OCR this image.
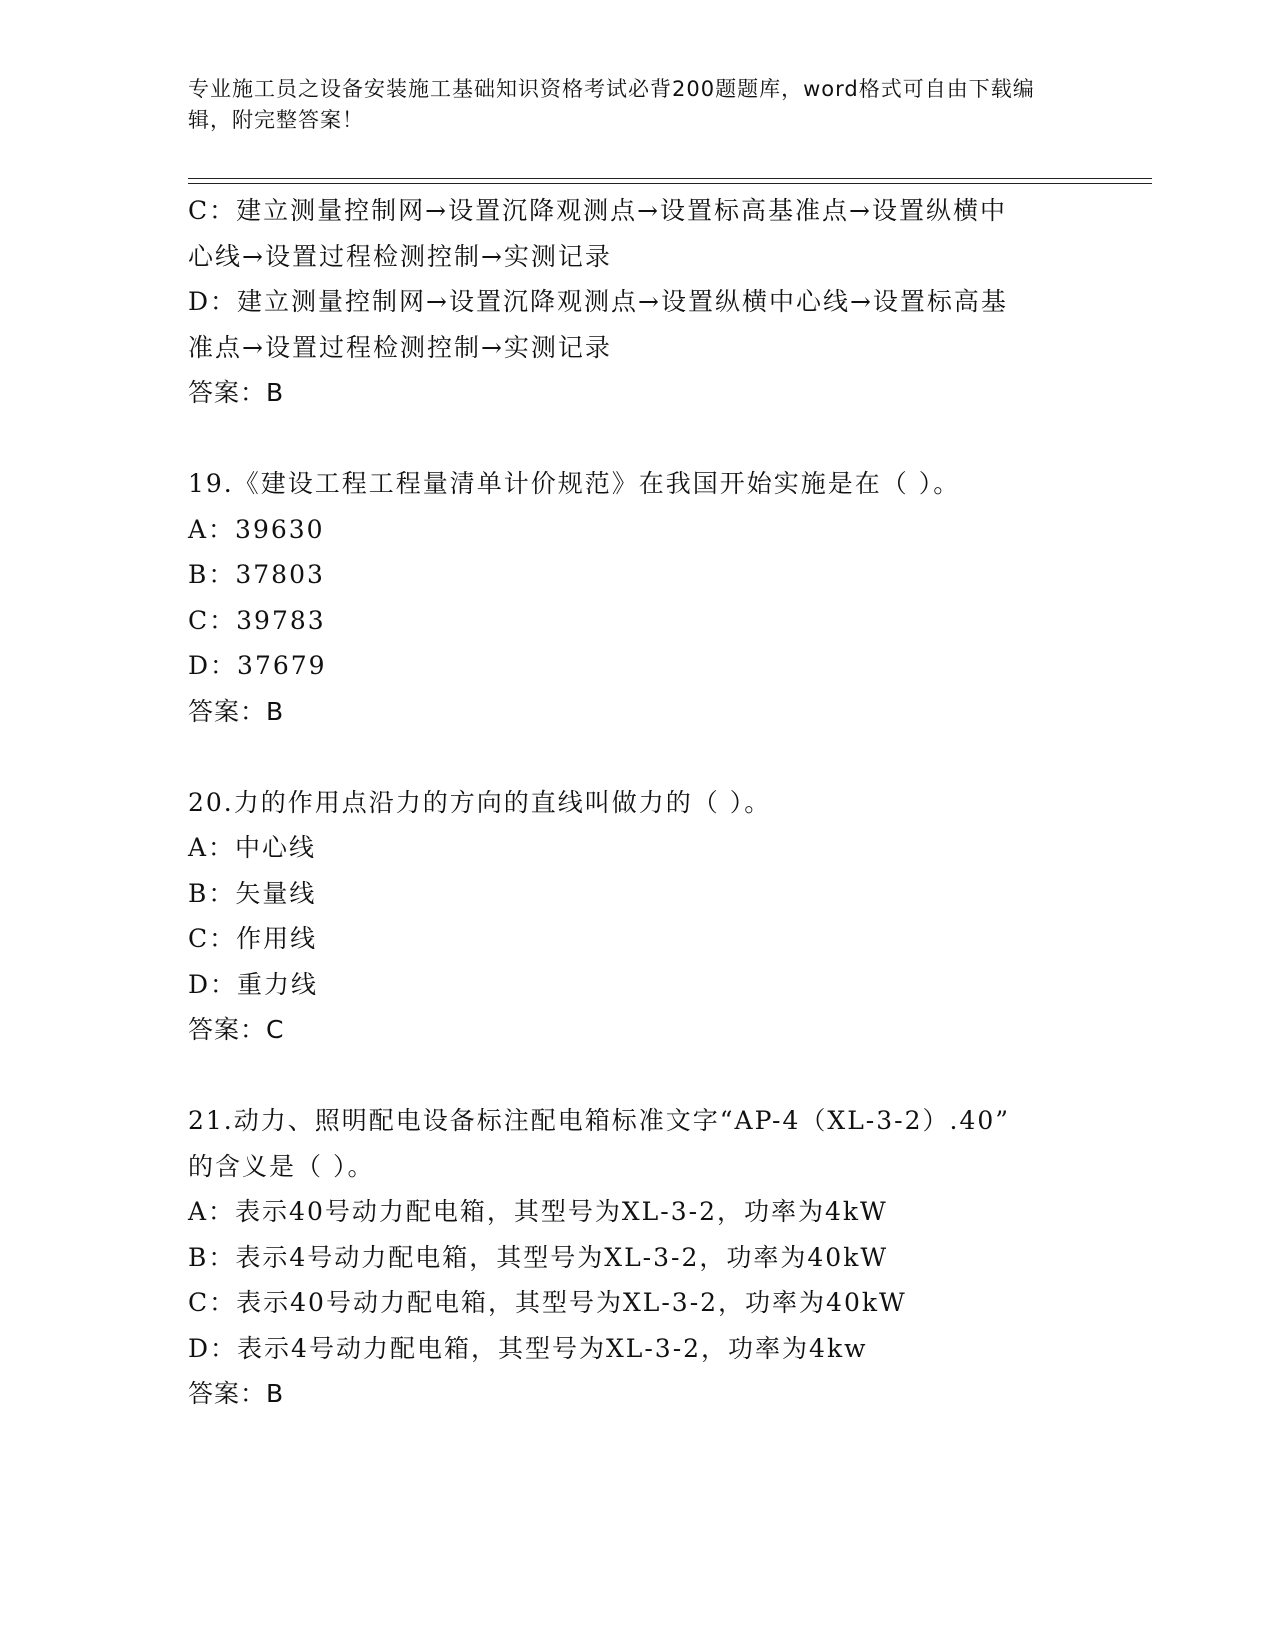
专业施工员之设备安装施工基础知识资格考试必背200题题库，word格式可自由下载编辑，附完整答案！
C：建立测量控制网→设置沉降观测点→设置标高基准点→设置纵横中
心线→设置过程检测控制→实测记录
D：建立测量控制网→设置沉降观测点→设置纵横中心线→设置标高基
准点→设置过程检测控制→实测记录
答案：B
19.《建设工程工程量清单计价规范》在我国开始实施是在（ ）。
A：39630
B：37803
C：39783
D：37679
答案：B
20.力的作用点沿力的方向的直线叫做力的（ ）。
A：中心线
B：矢量线
C：作用线
D：重力线
答案：C
21.动力、照明配电设备标注配电箱标准文字“AP-4（XL-3-2）.40”
的含义是（ ）。
A：表示40号动力配电箱，其型号为XL-3-2，功率为4kW
B：表示4号动力配电箱，其型号为XL-3-2，功率为40kW
C：表示40号动力配电箱，其型号为XL-3-2，功率为40kW
D：表示4号动力配电箱，其型号为XL-3-2，功率为4kw
答案：B
